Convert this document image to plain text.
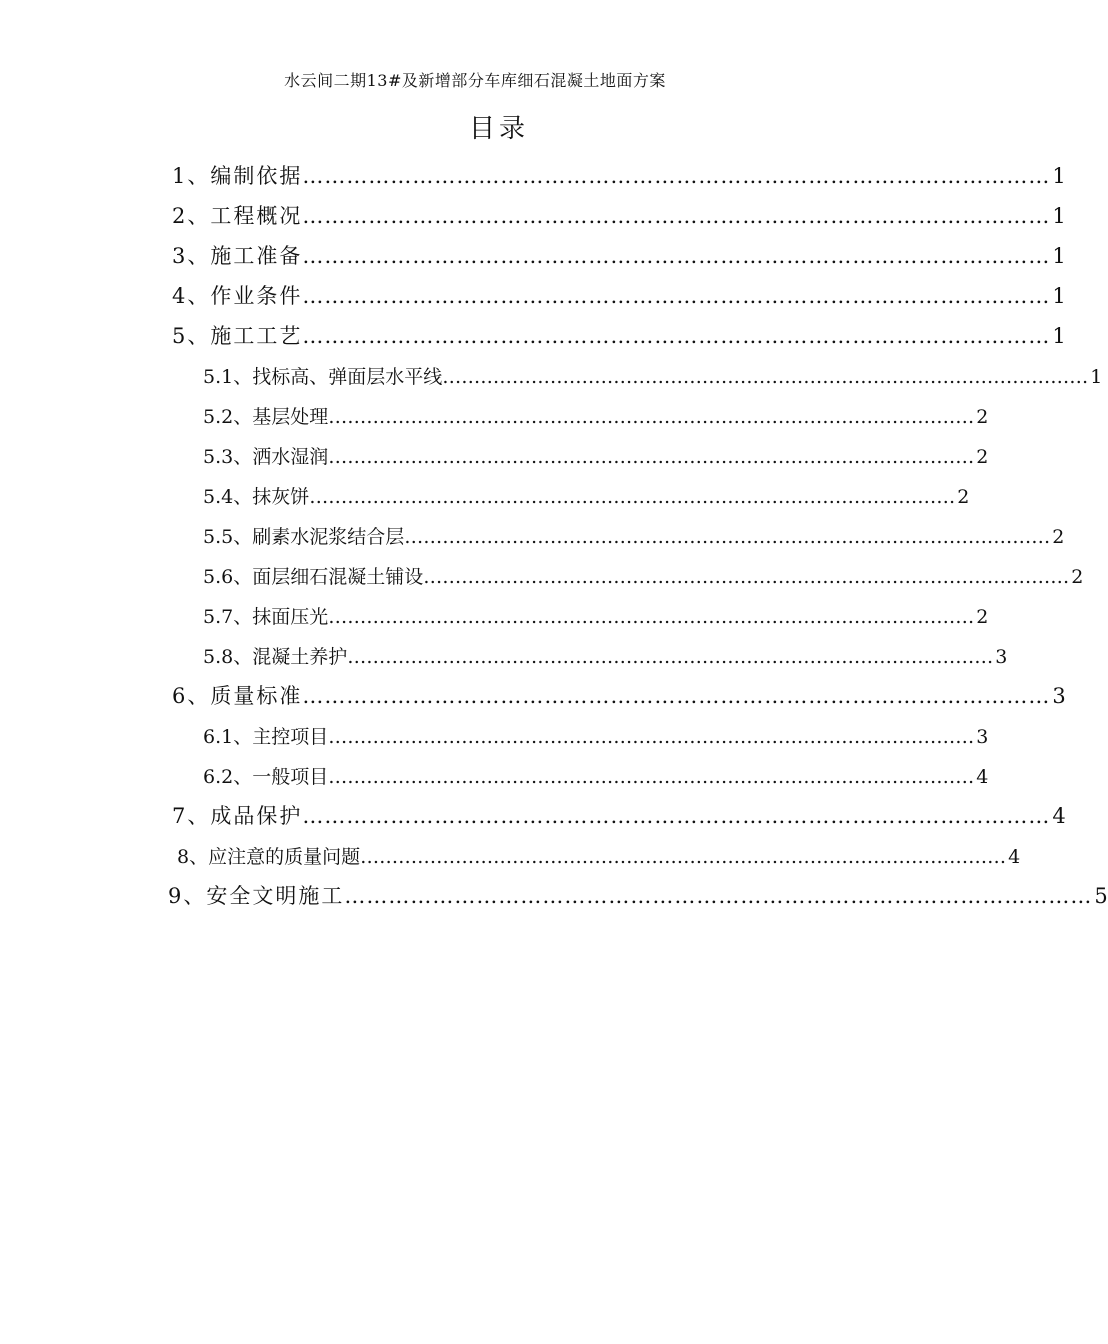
水云间二期13#及新增部分车库细石混凝土地面方案
目录
1、编制依据 ………………………………………………………………………………………… 1
2、工程概况 ………………………………………………………………………………………… 1
3、施工准备 ………………………………………………………………………………………… 1
4、作业条件 ………………………………………………………………………………………… 1
5、施工工艺 ………………………………………………………………………………………… 1
5.1、找标高、弹面层水平线 ………………………………………………………………………………………… 1
5.2、基层处理 ………………………………………………………………………………………… 2
5.3、洒水湿润 ………………………………………………………………………………………… 2
5.4、抹灰饼 ………………………………………………………………………………………… 2
5.5、刷素水泥浆结合层 ………………………………………………………………………………………… 2
5.6、面层细石混凝土铺设 ………………………………………………………………………………………… 2
5.7、抹面压光 ………………………………………………………………………………………… 2
5.8、混凝土养护 ………………………………………………………………………………………… 3
6、质量标准 ………………………………………………………………………………………… 3
6.1、主控项目 ………………………………………………………………………………………… 3
6.2、一般项目 ………………………………………………………………………………………… 4
7、成品保护 ………………………………………………………………………………………… 4
8、应注意的质量问题 ………………………………………………………………………………………… 4
9、安全文明施工 ………………………………………………………………………………………… 5
